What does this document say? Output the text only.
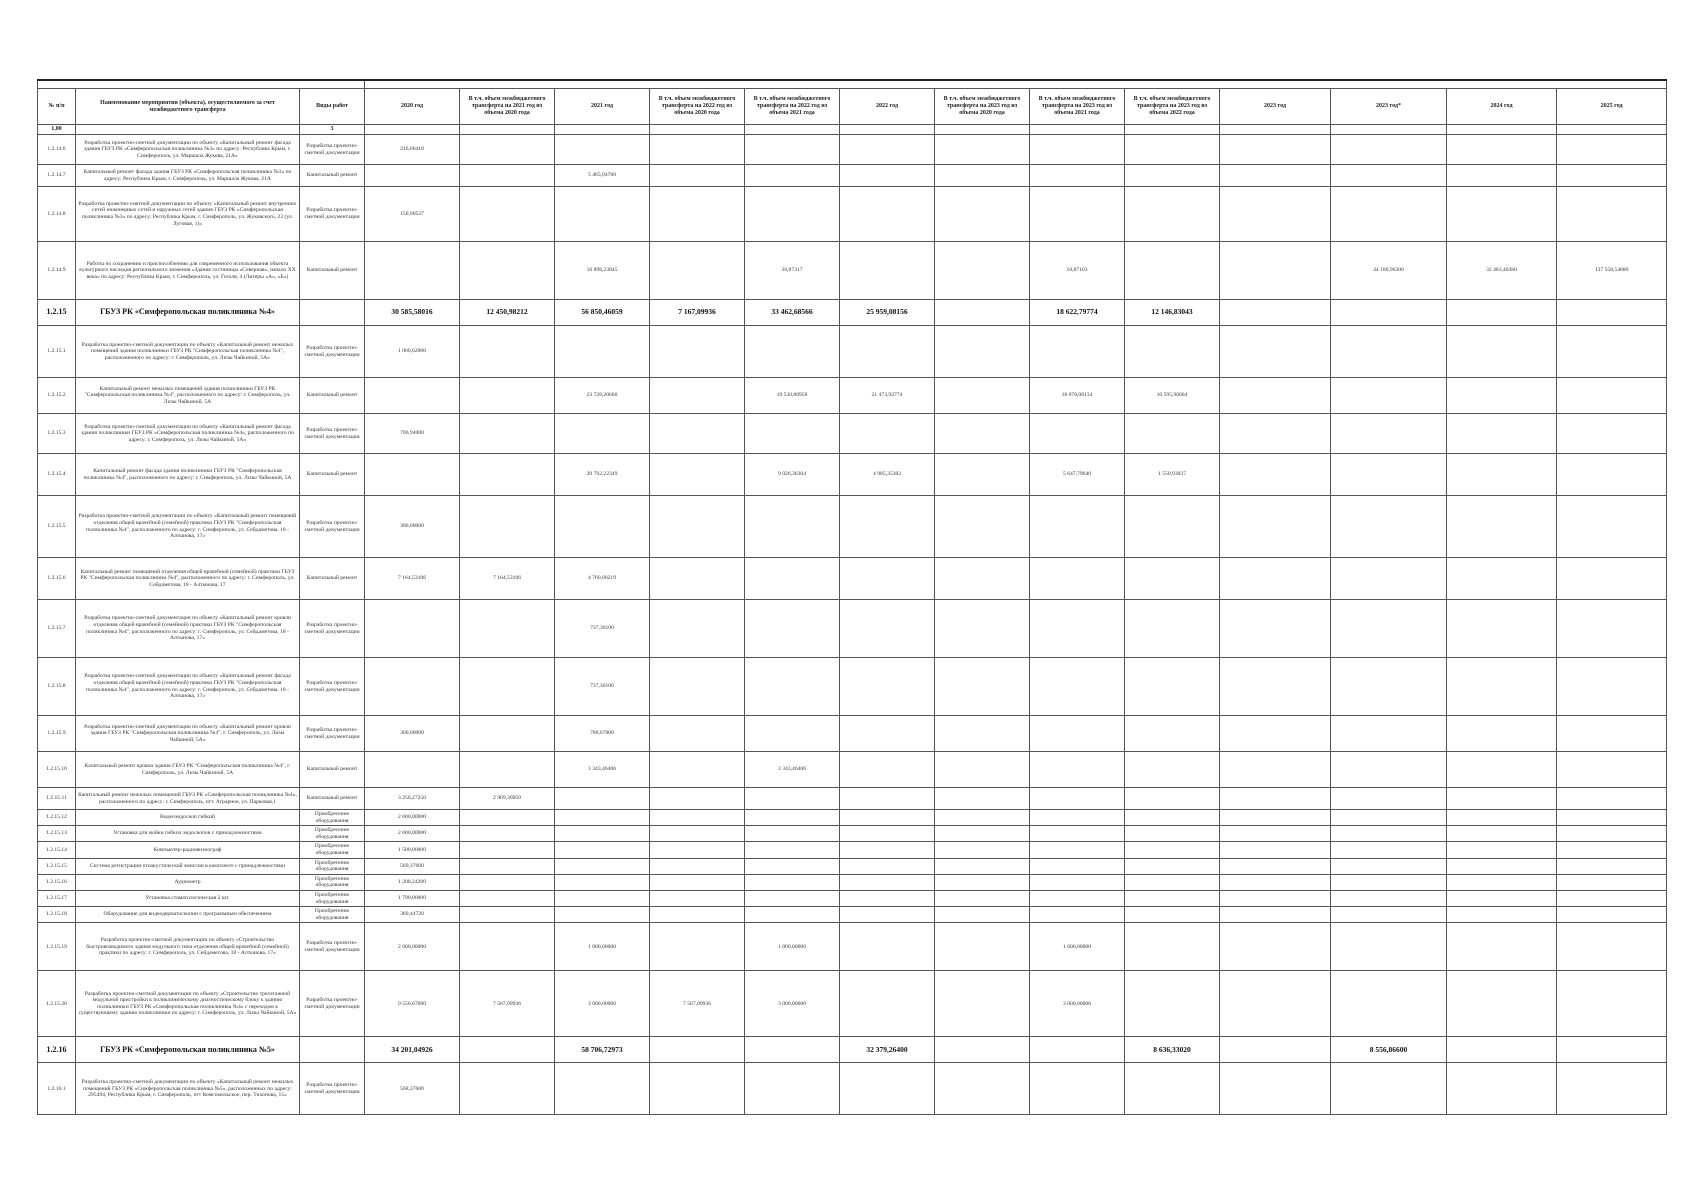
№ п/п	Наименование мероприятия (объекта), осуществляемого за счет межбюджетного трансферта	Виды работ	2020 год	В т.ч. объем межбюджетного трансферта на 2021 год из объема 2020 года	2021 год	В т.ч. объем межбюджетного трансферта на 2022 год из объема 2020 года	В т.ч. объем межбюджетного трансферта на 2022 год из объема 2021 года	2022 год	В т.ч. объем межбюджетного трансферта на 2023 год из объема 2020 года	В т.ч. объем межбюджетного трансферта на 2023 год из объема 2021 года	В т.ч. объем межбюджетного трансферта на 2023 год из объема 2022 года	2023 год	2023 год*	2024 год	2025 год
1,00		3													
1.2.14.6	Разработка проектно-сметной документации по объекту «Капитальный ремонт фасада здания ГБУЗ РК «Симферопольская поликлиника №3» по адресу: Республика Крым, г. Симферополь, ул. Маршала Жукова, 21А»	Разработка проектно-сметной документации	216,66410												
1.2.14.7	Капитальный ремонт фасада здания ГБУЗ РК «Симферопольская поликлиника №3» по адресу: Республика Крым, г. Симферополь, ул. Маршала Жукова, 21А	Капитальный ремонт			5 465,04760										
1.2.14.8	Разработка проектно-сметной документации по объекту «Капитальный ремонт внутренних сетей инженерных сетей и наружных сетей здания ГБУЗ РК «Симферопольская поликлиника №3» по адресу: Республика Крым, г. Симферополь, ул. Жуковского, 23 (ул. Луговая, 1)»	Разработка проектно-сметной документации	150,90537												
1.2.14.9	Работы по сохранению и приспособлению для современного использования объекта культурного наследия регионального значения «Здание гостиницы «Северная», начало XX века» по адресу: Республика Крым, г. Симферополь, ул. Гоголя, 4 (Литеры «А», «Б»)	Капитальный ремонт			16 898,23845		30,87317			10,87103			44 180,96300	32 483,40380	137 558,54680
1.2.15	ГБУЗ РК «Симферопольская поликлиника №4»		30 585,58016	12 450,98212	56 850,46059	7 167,09936	33 462,68566	25 959,08156		18 622,79774	12 146,83043				
1.2.15.1	Разработка проектно-сметной документации по объекту «Капитальный ремонт нежилых помещений здания поликлиники ГБУЗ РК "Симферопольская поликлиника №4", расположенного по адресу: г. Симферополь, ул. Лизы Чайкиной, 5А»	Разработка проектно-сметной документации	1 060,62000												
1.2.15.2	Капитальный ремонт нежилых помещений здания поликлиники ГБУЗ РК "Симферопольская поликлиника №4", расположенного по адресу: г. Симферополь, ул. Лизы Чайкиной, 5А	Капитальный ремонт			23 728,20660		19 530,80958	21 473,92774		18 078,08134	10 595,90004				
1.2.15.3	Разработка проектно-сметной документации по объекту «Капитальный ремонт фасада здания поликлиники ГБУЗ РК «Симферопольская поликлиника №4», расположенного по адресу: г. Симферополь, ул. Лизы Чайкиной, 5А»	Разработка проектно-сметной документации	706,94000												
1.2.15.4	Капитальный ремонт фасада здания поликлиники ГБУЗ РК "Симферопольская поликлиника №4", расположенного по адресу: г. Симферополь, ул. Лизы Чайкиной, 5А	Капитальный ремонт			20 792,22349		9 026,36304	4 985,35382		5 647,79640	1 550,93037				
1.2.15.5	Разработка проектно-сметной документации по объекту «Капитальный ремонт помещений отделения общей врачебной (семейной) практики ГБУЗ РК "Симферопольская поликлиника №4", расположенного по адресу: г. Симферополь, ул. Сейдаметова, 18 - Алтынова, 17»	Разработка проектно-сметной документации	300,00000												
1.2.15.6	Капитальный ремонт помещений отделения общей врачебной (семейной) практики ГБУЗ РК "Симферопольская поликлиника №4", расположенного по адресу: г. Симферополь, ул. Сейдаметова, 18 - Алтынова, 17	Капитальный ремонт	7 164,53106	7 164,53106	4 760,00219										
1.2.15.7	Разработка проектно-сметной документации по объекту «Капитальный ремонт кровли отделения общей врачебной (семейной) практики ГБУЗ РК "Симферопольская поликлиника №4", расположенного по адресу: г. Симферополь, ул. Сейдаметова, 18 - Алтынова, 17»	Разработка проектно-сметной документации			737,36100										
1.2.15.8	Разработка проектно-сметной документации по объекту «Капитальный ремонт фасада отделения общей врачебной (семейной) практики ГБУЗ РК "Симферопольская поликлиника №4", расположенного по адресу: г. Симферополь, ул. Сейдаметова, 18 - Алтынова, 17»	Разработка проектно-сметной документации			737,36100										
1.2.15.9	Разработка проектно-сметной документации по объекту «Капитальный ремонт кровли здания ГБУЗ РК "Симферопольская поликлиника №4", г. Симферополь, ул. Лизы Чайкиной, 5А»	Разработка проектно-сметной документации	300,00000		780,67000										
1.2.15.10	Капитальный ремонт кровли здания ГБУЗ РК "Симферопольская поликлиника №4", г. Симферополь, ул. Лизы Чайкиной, 5А	Капитальный ремонт			3 343,46406		3 343,46406								
1.2.15.11	Капитальный ремонт нежилых помещений ГБУЗ РК «Симферопольская поликлиника №4», расположенного по адресу: г. Симферополь, пгт. Аграрное, ул. Парковая,1	Капитальный ремонт	3 256,27250	2 969,36950											
1.2.15.12	Видеоэндоскоп гибкий	Приобретение оборудования	2 000,00000												
1.2.15.13	Установка для мойки гибких эндоскопов с принадлежностями	Приобретение оборудования	2 000,00000												
1.2.15.14	Компьютер-радиовизиограф	Приобретение оборудования	1 500,00000												
1.2.15.15	Система регистрации отоакустической эмиссии в комплекте с принадлежностями	Приобретение оборудования	569,37600												
1.2.15.16	Аудиометр	Приобретение оборудования	1 200,24200												
1.2.15.17	Установка стоматологическая 2 шт.	Приобретение оборудования	1 790,00000												
1.2.15.18	Оборудование для видеодерматоскопии с программным обеспечением	Приобретение оборудования	369,44720												
1.2.15.19	Разработка проектно-сметной документации по объекту «Строительство быстровозводимого здания модульного типа отделения общей врачебной (семейной) практики по адресу: г. Симферополь, ул. Сейдаметова, 18 - Алтынова, 17»	Разработка проектно-сметной документации	2 000,00000		1 000,00000		1 000,00000			1 000,00000					
1.2.15.20	Разработка проектно-сметной документации по объекту «Строительство трехэтажной модульной пристройки к поликлиническому диагностическому блоку к зданию поликлиники ГБУЗ РК «Симферопольская поликлиника №4» с переходом к существующему зданию поликлиники по адресу: г. Симферополь, ул. Лизы Чайкиной, 5А»	Разработка проектно-сметной документации	9 556,67000	7 567,09936	3 000,00000	7 567,09936	3 000,00000			3 000,00000					
1.2.16	ГБУЗ РК «Симферопольская поликлиника №5»		34 201,04926		58 706,72973			32 379,26400			8 636,33020		8 556,86600		
1.2.16.1	Разработка проектно-сметной документации по объекту «Капитальный ремонт нежилых помещений ГБУЗ РК «Симферопольская поликлиника №5», расположенных по адресу: 295494, Республика Крым, г. Симферополь, пгт Комсомольское, пер. Тихонова, 15»	Разработка проектно-сметной документации	568,37600												
